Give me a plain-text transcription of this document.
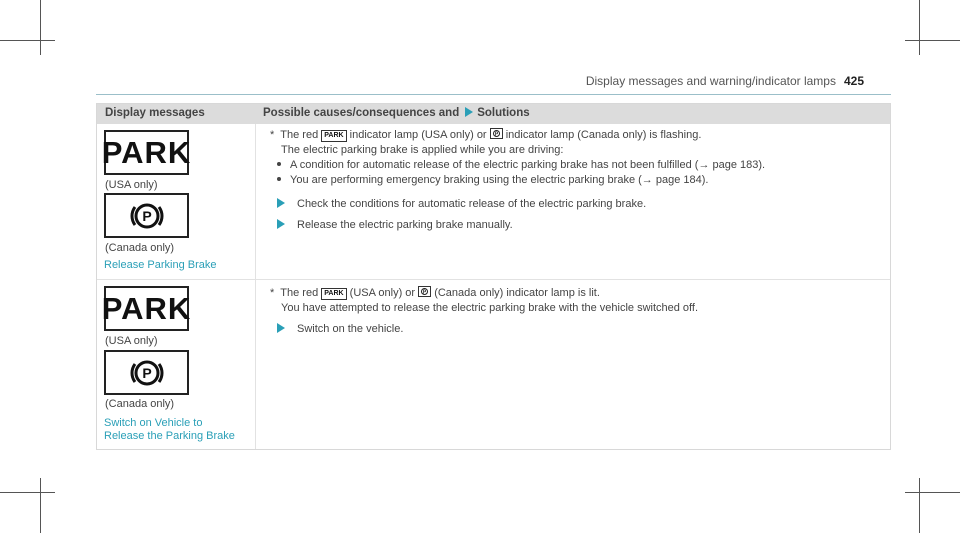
Display messages and warning/indicator lamps 425
Display messages	Possible causes/consequences and Solutions
PARK
(USA only)
P
(Canada only)
Release Parking Brake
* The red PARK indicator lamp (USA only) or P indicator lamp (Canada only) is flashing.
The electric parking brake is applied while you are driving:
A condition for automatic release of the electric parking brake has not been fulfilled (→ page 183).
You are performing emergency braking using the electric parking brake (→ page 184).
Check the conditions for automatic release of the electric parking brake.
Release the electric parking brake manually.
PARK
(USA only)
P
(Canada only)
Switch on Vehicle to
Release the Parking Brake
* The red PARK (USA only) or P (Canada only) indicator lamp is lit.
You have attempted to release the electric parking brake with the vehicle switched off.
Switch on the vehicle.
